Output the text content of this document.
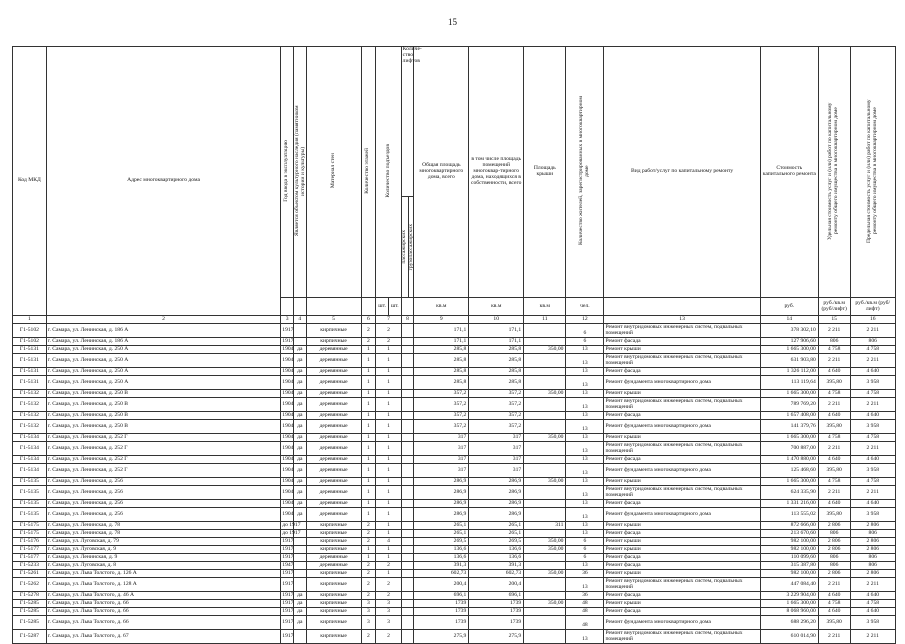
15
Код МКД	Адрес многоквартирного дома	Год ввода в эксплуатацию	Является объектом культурного наследия (памятником истории и культуры)	Материал стен	Количество этажей	Количество подъездов		Количе-ство лифтов	Общая площадь многоквартирного дома, всего	в том числе площадь помещений многоквар-тирного дома, находящихся в собственности, всего	Площадь крыши	Количество жителей, зарегистрированных в многоквартирном доме	Вид работ/услуг по капитальному ремонту	Стоимость капитального ремонта	Удельная стоимость услуг и (или) работ по капитальному ремонту общего имущества в многоквартирном доме	Предельная стоимость услуг и (или) работ по капитальному ремонту общего имущества в многоквартирном доме

								пассажирских грузопассажирских								

						шт.	шт.		кв.м	кв.м	кв.м	чел.		руб.	руб./кв.м (руб/лифт)	руб./кв.м (руб/лифт)
1	2	3	4	5	6	7		8	9	10	11	12	13	14	15	16
Г1-5102	г. Самара, ул. Ленинская, д. 186 А	1917		кирпичные	2	2			171,1	171,1		6	Ремонт внутридомовых инженерных систем, подвальных помещений	378 302,10	2 211	2 211
Г1-5102	г. Самара, ул. Ленинская, д. 186 А	1917		кирпичные	2	2			171,1	171,1		6	Ремонт фасада	127 906,60	806	806
Г1-5131	г. Самара, ул. Ленинская, д. 250 А	1904	да	деревянные	1	1			285,8	285,8	350,00	13	Ремонт крыши	1 665 300,00	4 758	4 758
Г1-5131	г. Самара, ул. Ленинская, д. 250 А	1904	да	деревянные	1	1			285,8	285,8		13	Ремонт внутридомовых инженерных систем, подвальных помещений	631 903,80	2 211	2 211
Г1-5131	г. Самара, ул. Ленинская, д. 250 А	1904	да	деревянные	1	1			285,8	285,8		13	Ремонт фасада	1 326 112,00	4 640	4 640
Г1-5131	г. Самара, ул. Ленинская, д. 250 А	1904	да	деревянные	1	1			285,8	285,8		13	Ремонт фундамента многоквартирного дома	113 119,64	395,80	3 958
Г1-5132	г. Самара, ул. Ленинская, д. 250 В	1904	да	деревянные	1	1			357,2	357,2	350,00	13	Ремонт крыши	1 665 300,00	4 758	4 758
Г1-5132	г. Самара, ул. Ленинская, д. 250 В	1904	да	деревянные	1	1			357,2	357,2		13	Ремонт внутридомовых инженерных систем, подвальных помещений	789 769,20	2 211	2 211
Г1-5132	г. Самара, ул. Ленинская, д. 250 В	1904	да	деревянные	1	1			357,2	357,2		13	Ремонт фасада	1 657 408,00	4 640	4 640
Г1-5132	г. Самара, ул. Ленинская, д. 250 В	1904	да	деревянные	1	1			357,2	357,2		13	Ремонт фундамента многоквартирного дома	141 379,76	395,80	3 958
Г1-5134	г. Самара, ул. Ленинская, д. 252 Г	1904	да	деревянные	1	1			317	317	350,00	13	Ремонт крыши	1 665 300,00	4 758	4 758
Г1-5134	г. Самара, ул. Ленинская, д. 252 Г	1904	да	деревянные	1	1			317	317		13	Ремонт внутридомовых инженерных систем, подвальных помещений	700 887,00	2 211	2 211
Г1-5134	г. Самара, ул. Ленинская, д. 252 Г	1904	да	деревянные	1	1			317	317		13	Ремонт фасада	1 470 880,00	4 640	4 640
Г1-5134	г. Самара, ул. Ленинская, д. 252 Г	1904	да	деревянные	1	1			317	317		13	Ремонт фундамента многоквартирного дома	125 468,60	395,80	3 958
Г1-5135	г. Самара, ул. Ленинская, д. 256	1904	да	деревянные	1	1			286,9	286,9	350,00	13	Ремонт крыши	1 665 300,00	4 758	4 758
Г1-5135	г. Самара, ул. Ленинская, д. 256	1904	да	деревянные	1	1			286,9	286,9		13	Ремонт внутридомовых инженерных систем, подвальных помещений	624 335,90	2 211	2 211
Г1-5135	г. Самара, ул. Ленинская, д. 256	1904	да	деревянные	1	1			286,9	286,9		13	Ремонт фасада	1 331 216,00	4 640	4 640
Г1-5135	г. Самара, ул. Ленинская, д. 256	1904	да	деревянные	1	1			286,9	286,9		13	Ремонт фундамента многоквартирного дома	113 555,02	395,80	3 958
Г1-5175	г. Самара, ул. Ленинская, д. 78	до 1917		кирпичные	2	1			265,1	265,1	311	13	Ремонт крыши	872 666,00	2 806	2 806
Г1-5175	г. Самара, ул. Ленинская, д. 78	до 1917		кирпичные	2	1			265,1	265,1		13	Ремонт фасада	213 670,60	806	806
Г1-5176	г. Самара, ул. Луговская, д. 79	1917		кирпичные	2	4			269,5	269,5	350,00	6	Ремонт крыши	982 100,00	2 806	2 806
Г1-5177	г. Самара, ул. Луговская, д. 9	1917		кирпичные	1	1			136,6	136,6	350,00	6	Ремонт крыши	982 100,00	2 806	2 806
Г1-5177	г. Самара, ул. Ленинская, д. 9	1917		деревянные	1	1			136,6	136,6		6	Ремонт фасада	110 099,60	806	806
Г1-5233	г. Самара, ул. Луговская, д. 8	1947		деревянные	2	2			391,3	391,3		13	Ремонт фасада	315 387,80	806	806
Г1-5261	г. Самара, ул. Льва Толстого, д. 126 А	1917		кирпичные	2	1			602,73	602,73	350,00	36	Ремонт крыши	982 100,00	2 806	2 806
Г1-5262	г. Самара, ул. Льва Толстого, д. 128 А	1917		кирпичные	2	2			200,4	200,4		13	Ремонт внутридомовых инженерных систем, подвальных помещений	447 084,40	2 211	2 211
Г1-5278	г. Самара, ул. Льва Толстого, д. 46 А	1917	да	кирпичные	2	2			696,1	696,1		36	Ремонт фасада	3 229 904,00	4 640	4 640
Г1-5285	г. Самара, ул. Льва Толстого, д. 66	1917	да	кирпичные	3	3			1739	1739	350,00	48	Ремонт крыши	1 665 300,00	4 758	4 758
Г1-5285	г. Самара, ул. Льва Толстого, д. 66	1917	да	кирпичные	3	3			1739	1739		48	Ремонт фасада	8 068 960,00	4 640	4 640
Г1-5285	г. Самара, ул. Льва Толстого, д. 66	1917	да	кирпичные	3	3			1739	1739		48	Ремонт фундамента многоквартирного дома	688 296,20	395,80	3 958
Г1-5287	г. Самара, ул. Льва Толстого, д. 67	1917		кирпичные	2	2			275,9	275,9		13	Ремонт внутридомовых инженерных систем, подвальных помещений	610 014,90	2 211	2 211
